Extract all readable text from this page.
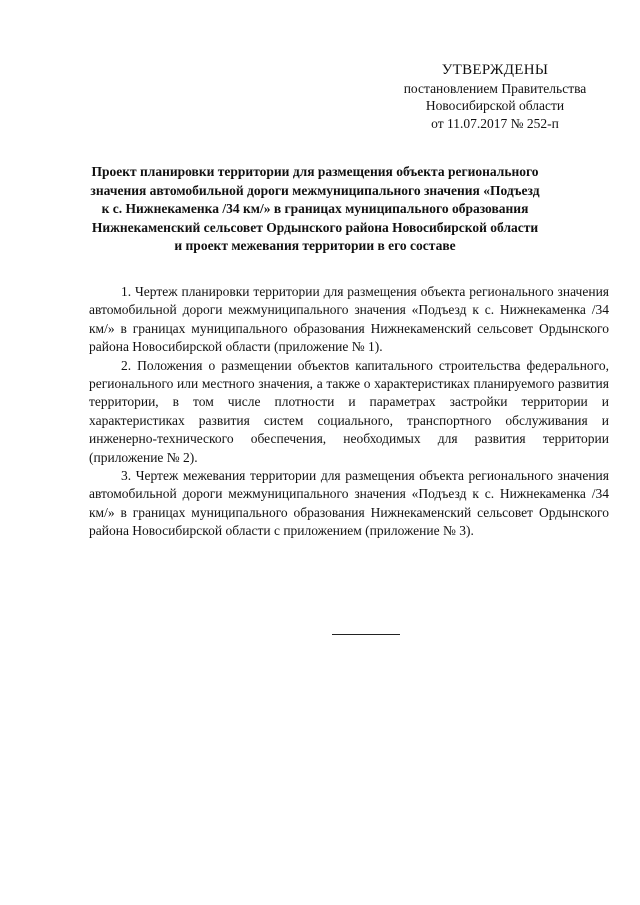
УТВЕРЖДЕНЫ
постановлением Правительства
Новосибирской области
от 11.07.2017 № 252-п
Проект планировки территории для размещения объекта регионального
значения автомобильной дороги межмуниципального значения «Подъезд
к с. Нижнекаменка /34 км/» в границах муниципального образования
Нижнекаменский сельсовет Ордынского района Новосибирской области
и проект межевания территории в его составе

1. Чертеж планировки территории для размещения объекта регионального значения автомобильной дороги межмуниципального значения «Подъезд к с. Нижнекаменка /34 км/» в границах муниципального образования Нижнекаменский сельсовет Ордынского района Новосибирской области (приложение № 1).

2. Положения о размещении объектов капитального строительства федерального, регионального или местного значения, а также о характеристиках планируемого развития территории, в том числе плотности и параметрах застройки территории и характеристиках развития систем социального, транспортного обслуживания и инженерно-технического обеспечения, необходимых для развития территории (приложение № 2).

3. Чертеж межевания территории для размещения объекта регионального значения автомобильной дороги межмуниципального значения «Подъезд к с. Нижнекаменка /34 км/» в границах муниципального образования Нижнекаменский сельсовет Ордынского района Новосибирской области с приложением (приложение № 3).
